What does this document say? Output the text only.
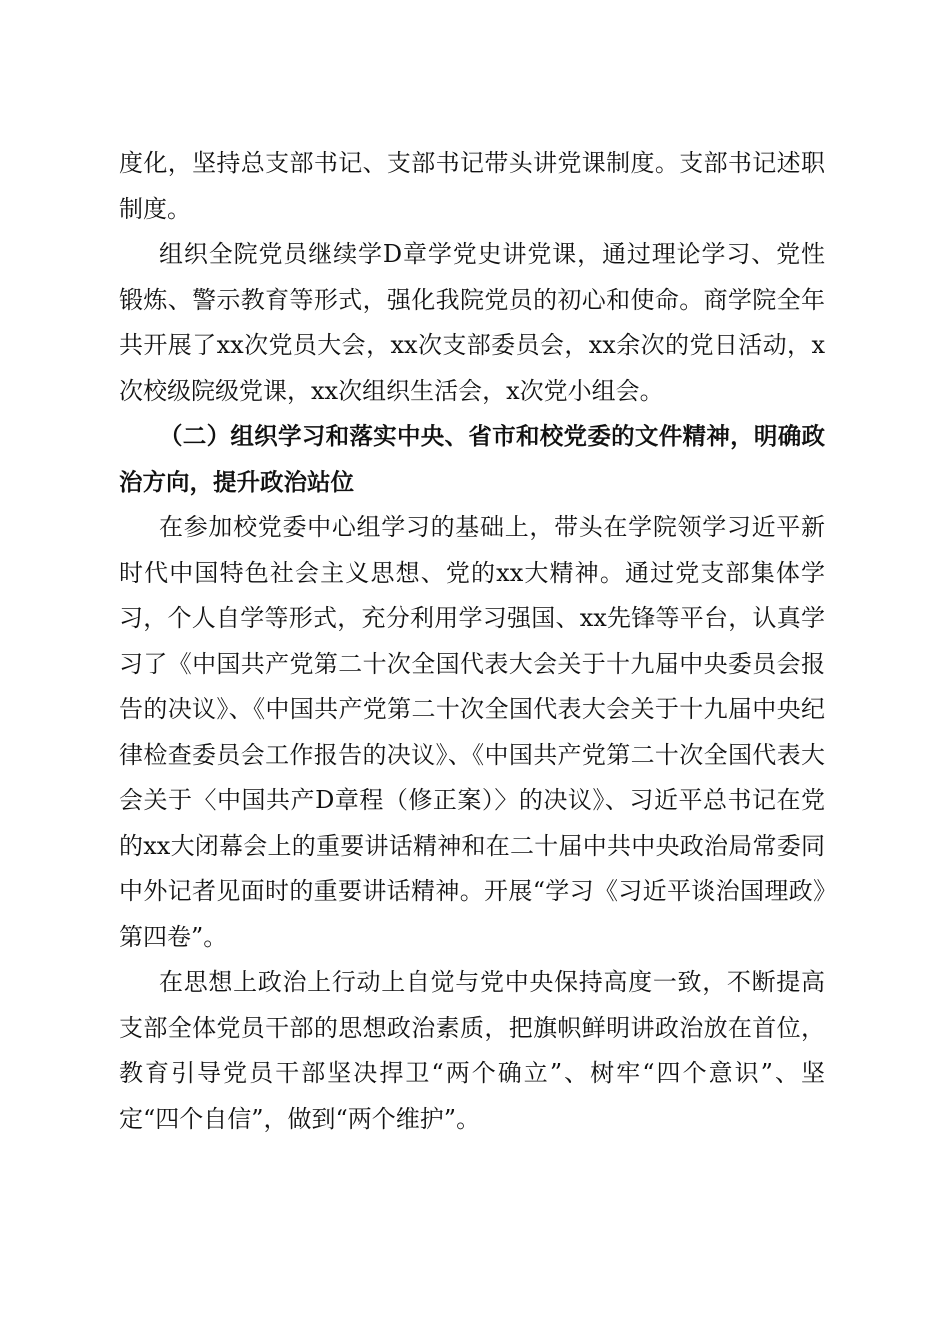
度化，坚持总支部书记、支部书记带头讲党课制度。支部书记述职制度。

组织全院党员继续学D章学党史讲党课，通过理论学习、党性锻炼、警示教育等形式，强化我院党员的初心和使命。商学院全年共开展了xx次党员大会，xx次支部委员会，xx余次的党日活动，x次校级院级党课，xx次组织生活会，x次党小组会。

（二）组织学习和落实中央、省市和校党委的文件精神，明确政治方向，提升政治站位

在参加校党委中心组学习的基础上，带头在学院领学习近平新时代中国特色社会主义思想、党的xx大精神。通过党支部集体学习，个人自学等形式，充分利用学习强国、xx先锋等平台，认真学习了《中国共产党第二十次全国代表大会关于十九届中央委员会报告的决议》、《中国共产党第二十次全国代表大会关于十九届中央纪律检查委员会工作报告的决议》、《中国共产党第二十次全国代表大会关于〈中国共产D章程（修正案）〉的决议》、习近平总书记在党的xx大闭幕会上的重要讲话精神和在二十届中共中央政治局常委同中外记者见面时的重要讲话精神。开展“学习《习近平谈治国理政》第四卷”。

在思想上政治上行动上自觉与党中央保持高度一致，不断提高支部全体党员干部的思想政治素质，把旗帜鲜明讲政治放在首位，教育引导党员干部坚决捍卫“两个确立”、树牢“四个意识”、坚定“四个自信”，做到“两个维护”。
